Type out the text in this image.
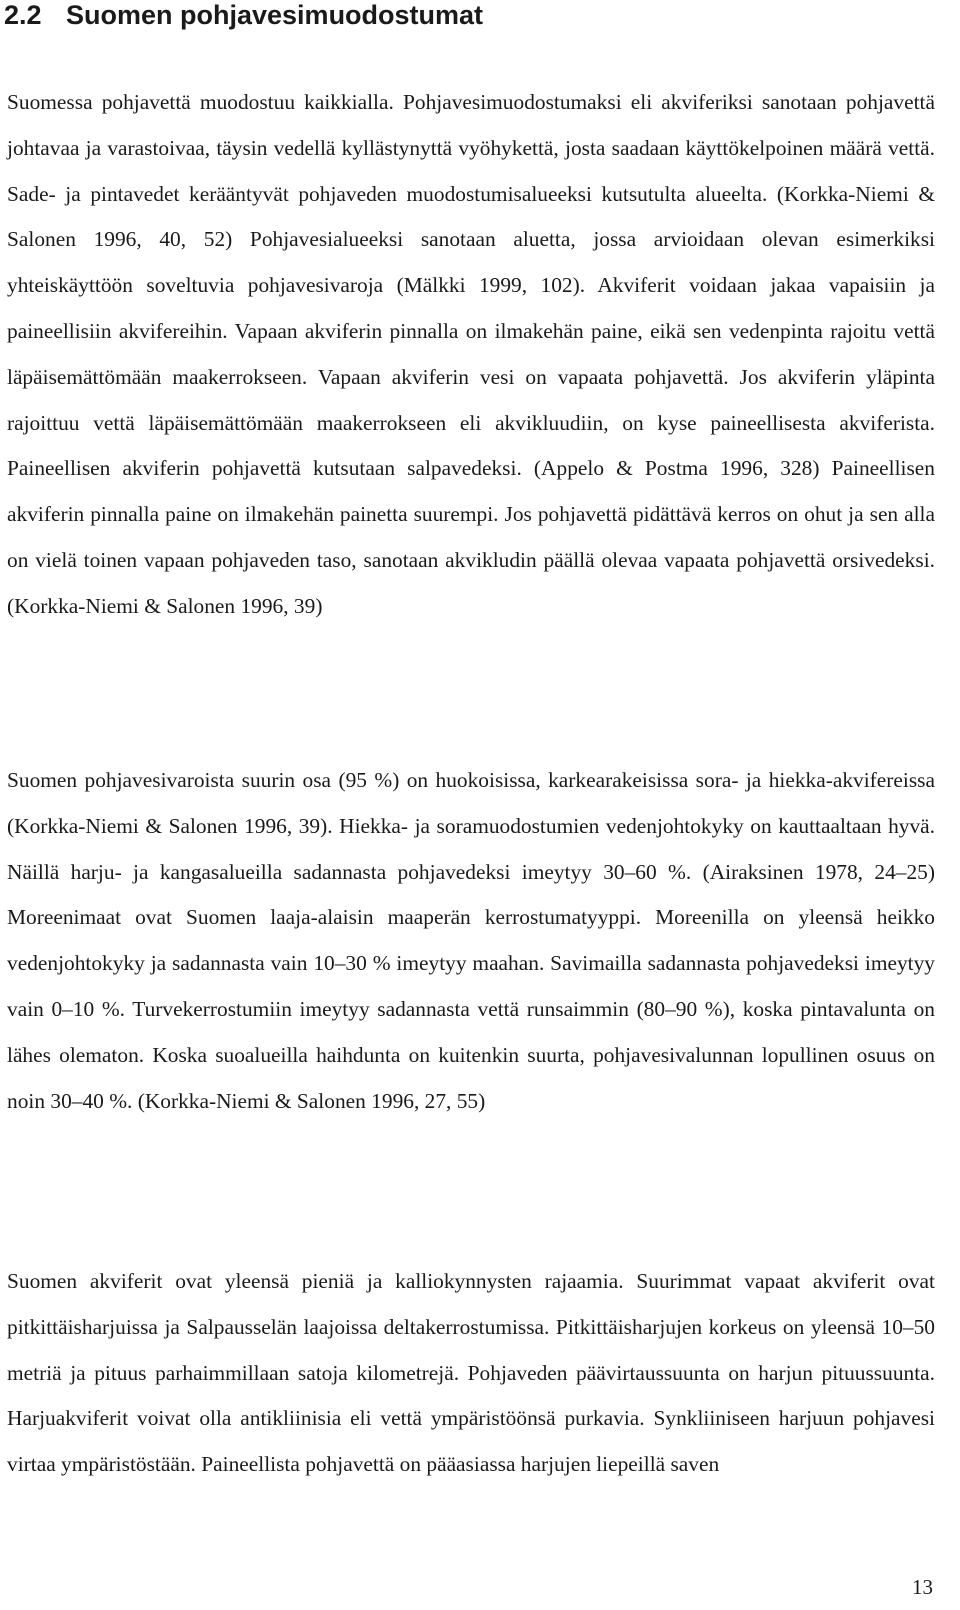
2.2 Suomen pohjavesimuodostumat

Suomessa pohjavettä muodostuu kaikkialla. Pohjavesimuodostumaksi eli akviferiksi sanotaan pohjavettä johtavaa ja varastoivaa, täysin vedellä kyllästynyttä vyöhykettä, josta saadaan käyttökelpoinen määrä vettä. Sade- ja pintavedet kerääntyvät pohjaveden muodostumisalueeksi kutsutulta alueelta. (Korkka-Niemi & Salonen 1996, 40, 52) Pohjavesialueeksi sanotaan aluetta, jossa arvioidaan olevan esimerkiksi yhteiskäyttöön soveltuvia pohjavesivaroja (Mälkki 1999, 102). Akviferit voidaan jakaa vapaisiin ja paineellisiin akvifereihin. Vapaan akviferin pinnalla on ilmakehän paine, eikä sen vedenpinta rajoitu vettä läpäisemättömään maakerrokseen. Vapaan akviferin vesi on vapaata pohjavettä. Jos akviferin yläpinta rajoittuu vettä läpäisemättömään maakerrokseen eli akvikluudiin, on kyse paineellisesta akviferista. Paineellisen akviferin pohjavettä kutsutaan salpavedeksi. (Appelo & Postma 1996, 328) Paineellisen akviferin pinnalla paine on ilmakehän painetta suurempi. Jos pohjavettä pidättävä kerros on ohut ja sen alla on vielä toinen vapaan pohjaveden taso, sanotaan akvikludin päällä olevaa vapaata pohjavettä orsivedeksi. (Korkka-Niemi & Salonen 1996, 39)

Suomen pohjavesivaroista suurin osa (95 %) on huokoisissa, karkearakeisissa sora- ja hiekka-akvifereissa (Korkka-Niemi & Salonen 1996, 39). Hiekka- ja soramuodostumien vedenjohtokyky on kauttaaltaan hyvä. Näillä harju- ja kangasalueilla sadannasta pohjavedeksi imeytyy 30–60 %. (Airaksinen 1978, 24–25) Moreenimaat ovat Suomen laaja-alaisin maaperän kerrostumatyyppi. Moreenilla on yleensä heikko vedenjohtokyky ja sadannasta vain 10–30 % imeytyy maahan. Savimailla sadannasta pohjavedeksi imeytyy vain 0–10 %. Turvekerrostumiin imeytyy sadannasta vettä runsaimmin (80–90 %), koska pintavalunta on lähes olematon. Koska suoalueilla haihdunta on kuitenkin suurta, pohjavesivalunnan lopullinen osuus on noin 30–40 %. (Korkka-Niemi & Salonen 1996, 27, 55)

Suomen akviferit ovat yleensä pieniä ja kalliokynnysten rajaamia. Suurimmat vapaat akviferit ovat pitkittäisharjuissa ja Salpausselän laajoissa deltakerrostumissa. Pitkittäisharjujen korkeus on yleensä 10–50 metriä ja pituus parhaimmillaan satoja kilometrejä. Pohjaveden päävirtaussuunta on harjun pituussuunta. Harjuakviferit voivat olla antikliinisia eli vettä ympäristöönsä purkavia. Synkliiniseen harjuun pohjavesi virtaa ympäristöstään. Paineellista pohjavettä on pääasiassa harjujen liepeillä saven

13
